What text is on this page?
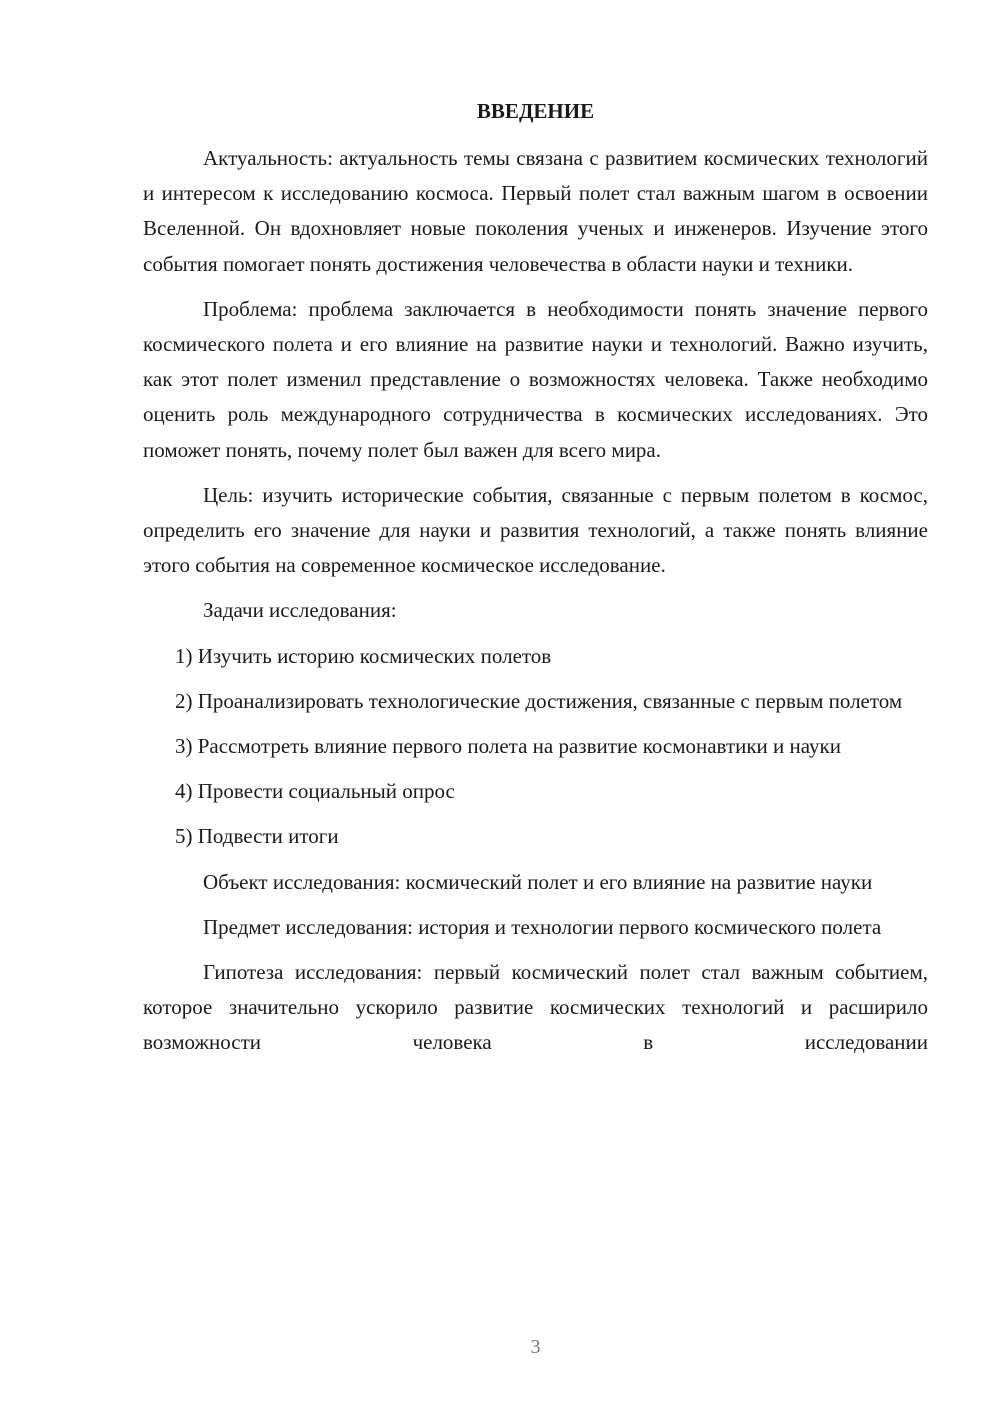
ВВЕДЕНИЕ

Актуальность: актуальность темы связана с развитием космических технологий и интересом к исследованию космоса. Первый полет стал важным шагом в освоении Вселенной. Он вдохновляет новые поколения ученых и инженеров. Изучение этого события помогает понять достижения человечества в области науки и техники.

Проблема: проблема заключается в необходимости понять значение первого космического полета и его влияние на развитие науки и технологий. Важно изучить, как этот полет изменил представление о возможностях человека. Также необходимо оценить роль международного сотрудничества в космических исследованиях. Это поможет понять, почему полет был важен для всего мира.

Цель: изучить исторические события, связанные с первым полетом в космос, определить его значение для науки и развития технологий, а также понять влияние этого события на современное космическое исследование.

Задачи исследования:

1) Изучить историю космических полетов

2) Проанализировать технологические достижения, связанные с первым полетом

3) Рассмотреть влияние первого полета на развитие космонавтики и науки

4) Провести социальный опрос

5) Подвести итоги

Объект исследования: космический полет и его влияние на развитие науки

Предмет исследования: история и технологии первого космического полета

Гипотеза исследования: первый космический полет стал важным событием, которое значительно ускорило развитие космических технологий и расширило возможности человека в исследовании

3
